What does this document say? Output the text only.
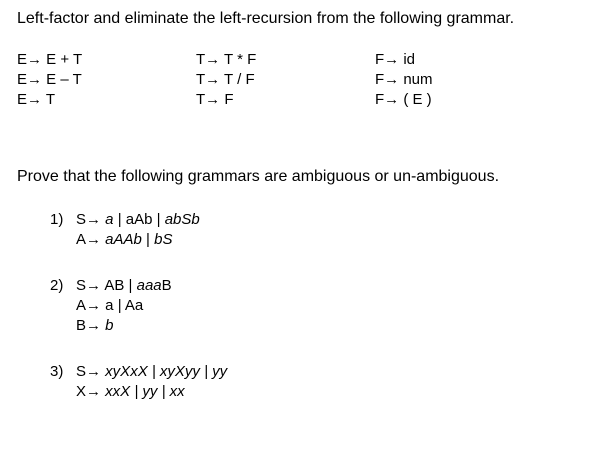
Left-factor and eliminate the left-recursion from the following grammar.
E→ E + T
E→ E – T
E→ T
T→ T * F
T→ T / F
T→ F
F→ id
F→ num
F→ ( E )
Prove that the following grammars are ambiguous or un-ambiguous.
1) S→ a | aAb | abSb
A→ aAAb | bS
2) S→ AB | aaaB
A→ a | Aa
B→ b
3) S→ xyXxX | xyXyy | yy
X→ xxX | yy | xx
